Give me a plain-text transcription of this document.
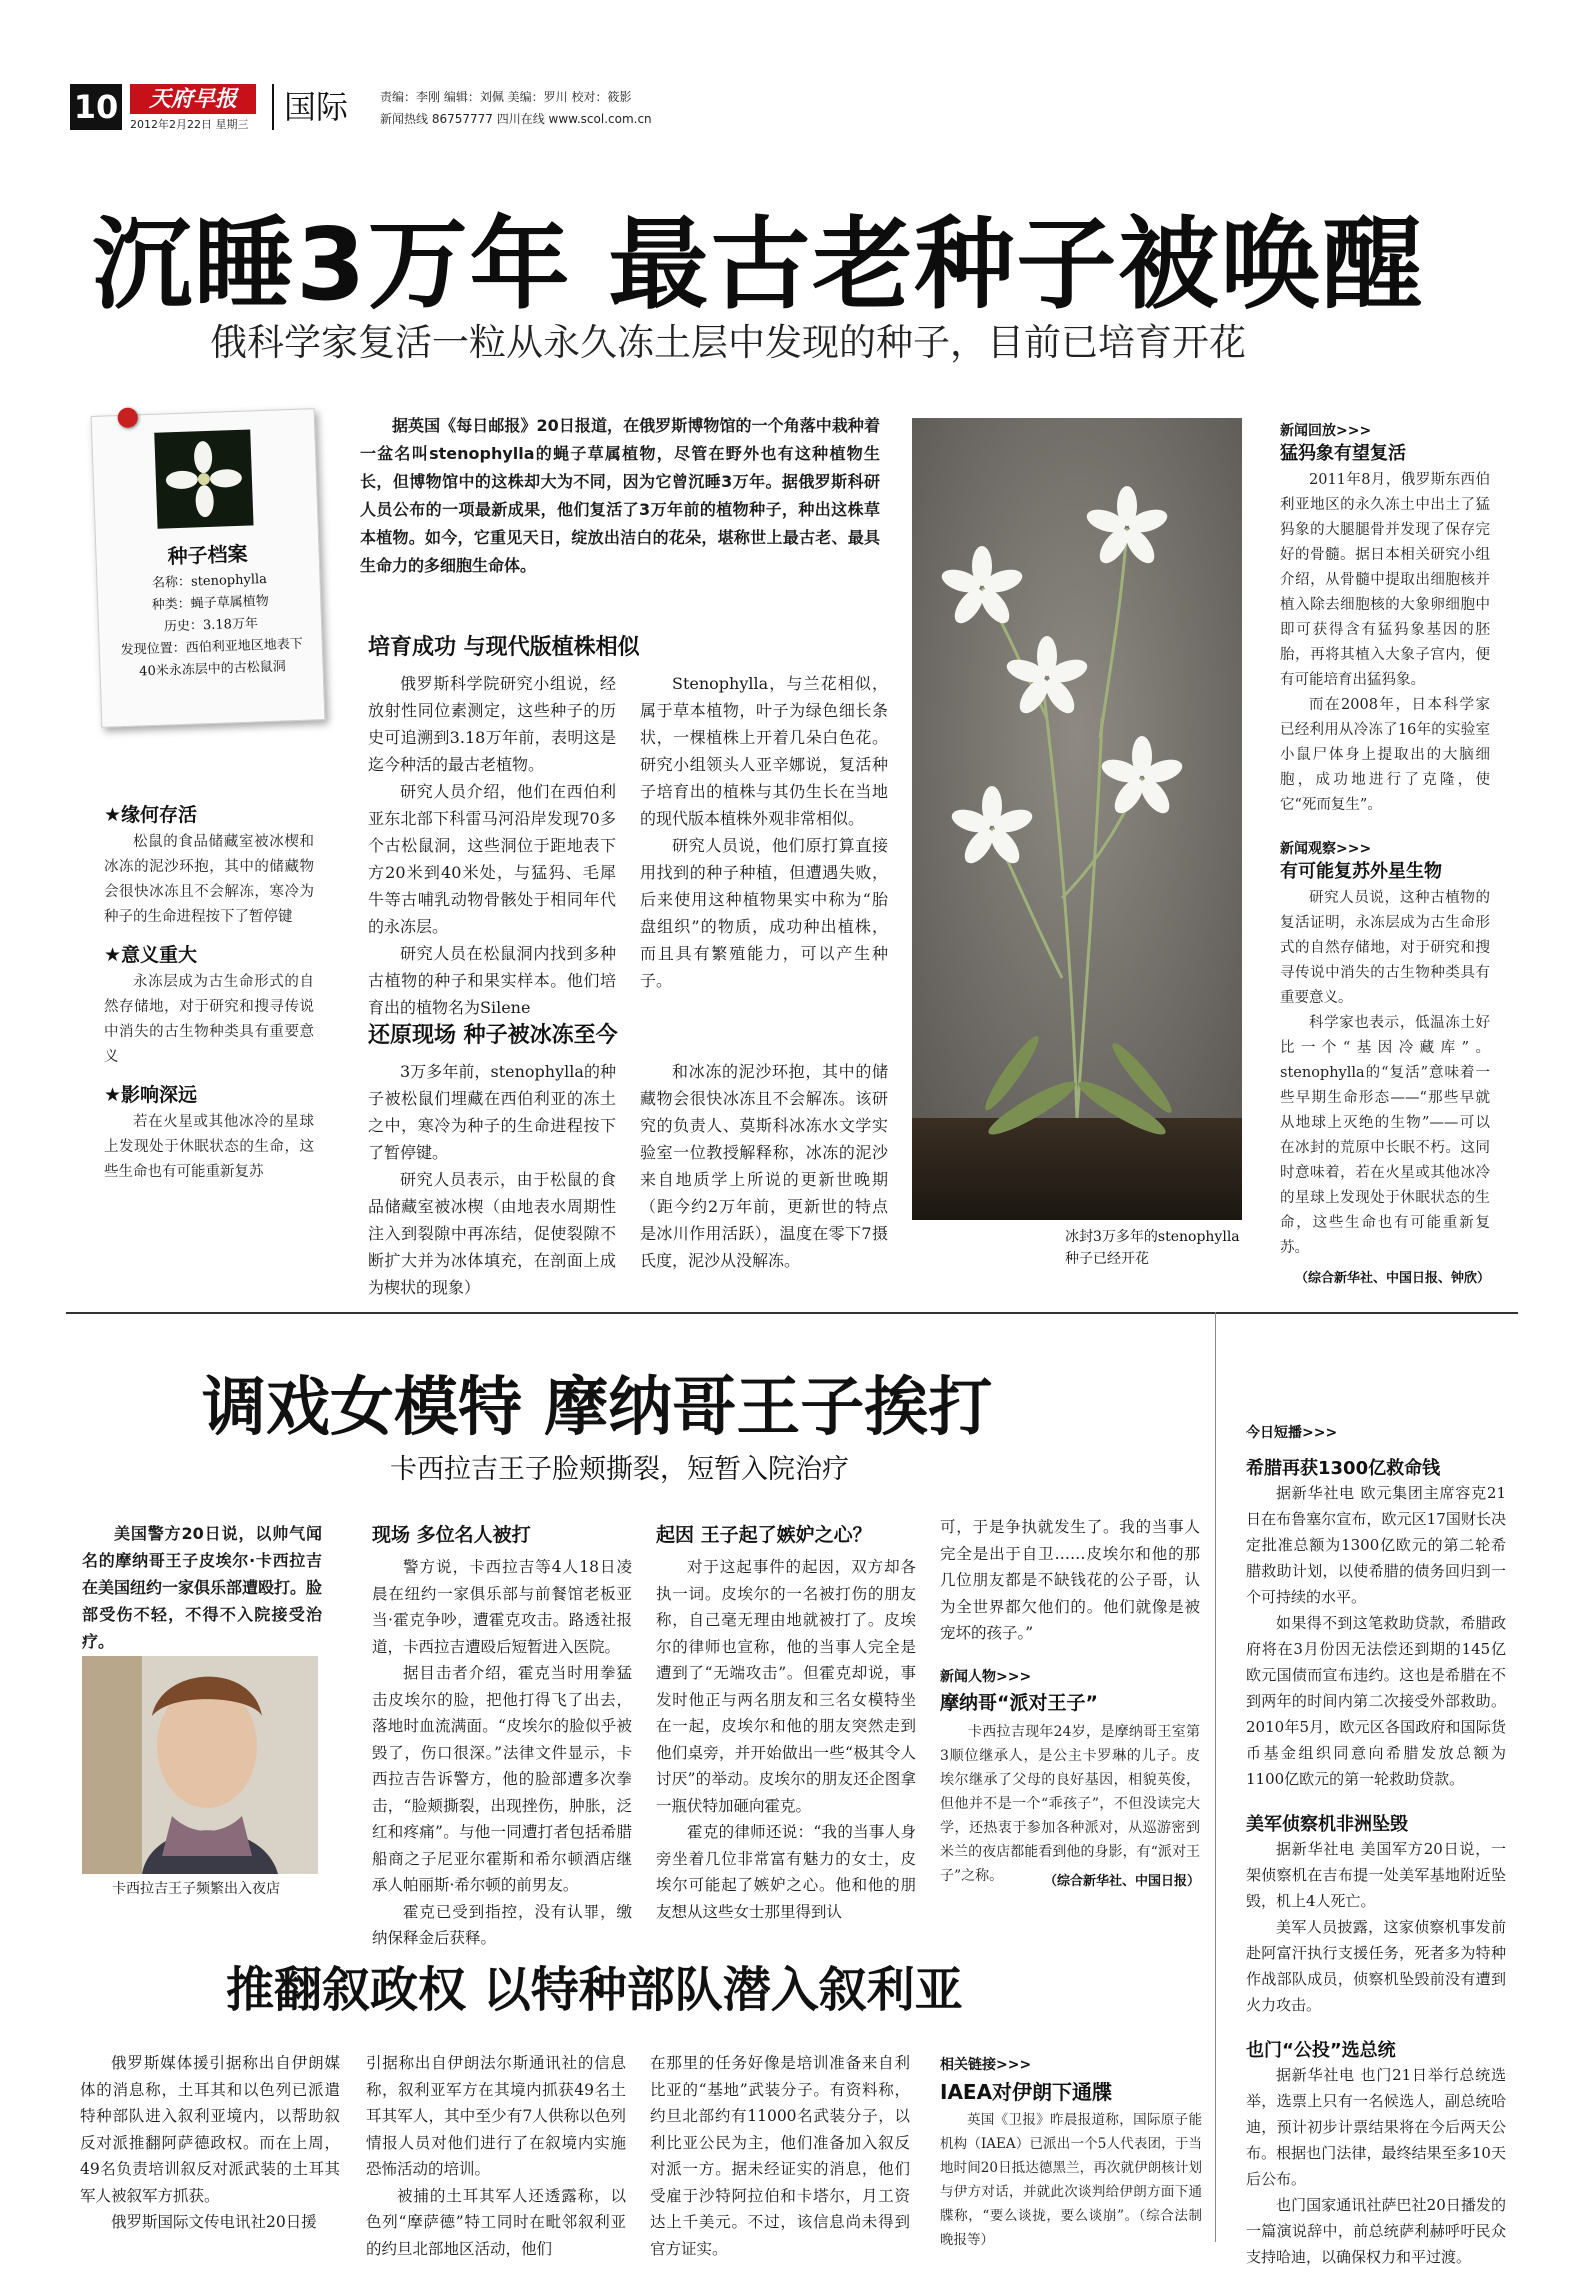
10	天府早报
2012年2月22日 星期三	国际	责编：李刚 编辑：刘佩 美编：罗川 校对：筱影
新闻热线 86757777 四川在线 www.scol.com.cn
沉睡3万年 最古老种子被唤醒
俄科学家复活一粒从永久冻土层中发现的种子，目前已培育开花
种子档案
名称：stenophylla
种类：蝇子草属植物
历史：3.18万年
发现位置：西伯利亚地区地表下40米永冻层中的古松鼠洞
★缘何存活

松鼠的食品储藏室被冰楔和冰冻的泥沙环抱，其中的储藏物会很快冰冻且不会解冻，寒冷为种子的生命进程按下了暂停键

★意义重大

永冻层成为古生命形式的自然存储地，对于研究和搜寻传说中消失的古生物种类具有重要意义

★影响深远

若在火星或其他冰冷的星球上发现处于休眠状态的生命，这些生命也有可能重新复苏

据英国《每日邮报》20日报道，在俄罗斯博物馆的一个角落中栽种着一盆名叫stenophylla的蝇子草属植物，尽管在野外也有这种植物生长，但博物馆中的这株却大为不同，因为它曾沉睡3万年。据俄罗斯科研人员公布的一项最新成果，他们复活了3万年前的植物种子，种出这株草本植物。如今，它重见天日，绽放出洁白的花朵，堪称世上最古老、最具生命力的多细胞生命体。

培育成功 与现代版植株相似

俄罗斯科学院研究小组说，经放射性同位素测定，这些种子的历史可追溯到3.18万年前，表明这是迄今种活的最古老植物。

研究人员介绍，他们在西伯利亚东北部下科雷马河沿岸发现70多个古松鼠洞，这些洞位于距地表下方20米到40米处，与猛犸、毛犀牛等古哺乳动物骨骸处于相同年代的永冻层。

研究人员在松鼠洞内找到多种古植物的种子和果实样本。他们培育出的植物名为Silene

Stenophylla，与兰花相似，属于草本植物，叶子为绿色细长条状，一棵植株上开着几朵白色花。研究小组领头人亚辛娜说，复活种子培育出的植株与其仍生长在当地的现代版本植株外观非常相似。

研究人员说，他们原打算直接用找到的种子种植，但遭遇失败，后来使用这种植物果实中称为“胎盘组织”的物质，成功种出植株，而且具有繁殖能力，可以产生种子。

还原现场 种子被冰冻至今

3万多年前，stenophylla的种子被松鼠们埋藏在西伯利亚的冻土之中，寒冷为种子的生命进程按下了暂停键。

研究人员表示，由于松鼠的食品储藏室被冰楔（由地表水周期性注入到裂隙中再冻结，促使裂隙不断扩大并为冰体填充，在剖面上成为楔状的现象）

和冰冻的泥沙环抱，其中的储藏物会很快冰冻且不会解冻。该研究的负责人、莫斯科冰冻水文学实验室一位教授解释称，冰冻的泥沙来自地质学上所说的更新世晚期（距今约2万年前，更新世的特点是冰川作用活跃），温度在零下7摄氏度，泥沙从没解冻。

冰封3万多年的stenophylla种子已经开花
新闻回放>>>
猛犸象有望复活

2011年8月，俄罗斯东西伯利亚地区的永久冻土中出土了猛犸象的大腿腿骨并发现了保存完好的骨髓。据日本相关研究小组介绍，从骨髓中提取出细胞核并植入除去细胞核的大象卵细胞中即可获得含有猛犸象基因的胚胎，再将其植入大象子宫内，便有可能培育出猛犸象。

而在2008年，日本科学家已经利用从冷冻了16年的实验室小鼠尸体身上提取出的大脑细胞，成功地进行了克隆，使它“死而复生”。

新闻观察>>>
有可能复苏外星生物

研究人员说，这种古植物的复活证明，永冻层成为古生命形式的自然存储地，对于研究和搜寻传说中消失的古生物种类具有重要意义。

科学家也表示，低温冻土好比一个“基因冷藏库”。stenophylla的“复活”意味着一些早期生命形态——“那些早就从地球上灭绝的生物”——可以在冰封的荒原中长眠不朽。这同时意味着，若在火星或其他冰冷的星球上发现处于休眠状态的生命，这些生命也有可能重新复苏。

（综合新华社、中国日报、钟欣）
调戏女模特 摩纳哥王子挨打
卡西拉吉王子脸颊撕裂，短暂入院治疗

美国警方20日说，以帅气闻名的摩纳哥王子皮埃尔·卡西拉吉在美国纽约一家俱乐部遭殴打。脸部受伤不轻，不得不入院接受治疗。

卡西拉吉王子频繁出入夜店
现场 多位名人被打

警方说，卡西拉吉等4人18日凌晨在纽约一家俱乐部与前餐馆老板亚当·霍克争吵，遭霍克攻击。路透社报道，卡西拉吉遭殴后短暂进入医院。

据目击者介绍，霍克当时用拳猛击皮埃尔的脸，把他打得飞了出去，落地时血流满面。“皮埃尔的脸似乎被毁了，伤口很深。”法律文件显示，卡西拉吉告诉警方，他的脸部遭多次拳击，“脸颊撕裂，出现挫伤，肿胀，泛红和疼痛”。与他一同遭打者包括希腊船商之子尼亚尔霍斯和希尔顿酒店继承人帕丽斯·希尔顿的前男友。

霍克已受到指控，没有认罪，缴纳保释金后获释。

起因 王子起了嫉妒之心？

对于这起事件的起因，双方却各执一词。皮埃尔的一名被打伤的朋友称，自己毫无理由地就被打了。皮埃尔的律师也宣称，他的当事人完全是遭到了“无端攻击”。但霍克却说，事发时他正与两名朋友和三名女模特坐在一起，皮埃尔和他的朋友突然走到他们桌旁，并开始做出一些“极其令人讨厌”的举动。皮埃尔的朋友还企图拿一瓶伏特加砸向霍克。

霍克的律师还说：“我的当事人身旁坐着几位非常富有魅力的女士，皮埃尔可能起了嫉妒之心。他和他的朋友想从这些女士那里得到认

可，于是争执就发生了。我的当事人完全是出于自卫……皮埃尔和他的那几位朋友都是不缺钱花的公子哥，认为全世界都欠他们的。他们就像是被宠坏的孩子。”

新闻人物>>>
摩纳哥“派对王子”

卡西拉吉现年24岁，是摩纳哥王室第3顺位继承人，是公主卡罗琳的儿子。皮埃尔继承了父母的良好基因，相貌英俊，但他并不是一个“乖孩子”，不但没读完大学，还热衷于参加各种派对，从巡游密到米兰的夜店都能看到他的身影，有“派对王子”之称。	（综合新华社、中国日报）
推翻叙政权 以特种部队潜入叙利亚

俄罗斯媒体援引据称出自伊朗媒体的消息称，土耳其和以色列已派遣特种部队进入叙利亚境内，以帮助叙反对派推翻阿萨德政权。而在上周，49名负责培训叙反对派武装的土耳其军人被叙军方抓获。

俄罗斯国际文传电讯社20日援

引据称出自伊朗法尔斯通讯社的信息称，叙利亚军方在其境内抓获49名土耳其军人，其中至少有7人供称以色列情报人员对他们进行了在叙境内实施恐怖活动的培训。

被捕的土耳其军人还透露称，以色列“摩萨德”特工同时在毗邻叙利亚的约旦北部地区活动，他们

在那里的任务好像是培训准备来自利比亚的“基地”武装分子。有资料称，约旦北部约有11000名武装分子，以利比亚公民为主，他们准备加入叙反对派一方。据未经证实的消息，他们受雇于沙特阿拉伯和卡塔尔，月工资达上千美元。不过，该信息尚未得到官方证实。

相关链接>>>
IAEA对伊朗下通牒

英国《卫报》昨晨报道称，国际原子能机构（IAEA）已派出一个5人代表团，于当地时间20日抵达德黑兰，再次就伊朗核计划与伊方对话，并就此次谈判给伊朗方面下通牒称，“要么谈拢，要么谈崩”。（综合法制晚报等）

今日短播>>>
希腊再获1300亿救命钱

据新华社电 欧元集团主席容克21日在布鲁塞尔宣布，欧元区17国财长决定批准总额为1300亿欧元的第二轮希腊救助计划，以使希腊的债务回归到一个可持续的水平。

如果得不到这笔救助贷款，希腊政府将在3月份因无法偿还到期的145亿欧元国债而宣布违约。这也是希腊在不到两年的时间内第二次接受外部救助。2010年5月，欧元区各国政府和国际货币基金组织同意向希腊发放总额为1100亿欧元的第一轮救助贷款。

美军侦察机非洲坠毁

据新华社电 美国军方20日说，一架侦察机在吉布提一处美军基地附近坠毁，机上4人死亡。

美军人员披露，这家侦察机事发前赴阿富汗执行支援任务，死者多为特种作战部队成员，侦察机坠毁前没有遭到火力攻击。

也门“公投”选总统

据新华社电 也门21日举行总统选举，选票上只有一名候选人，副总统哈迪，预计初步计票结果将在今后两天公布。根据也门法律，最终结果至多10天后公布。

也门国家通讯社萨巴社20日播发的一篇演说辞中，前总统萨利赫呼吁民众支持哈迪，以确保权力和平过渡。
